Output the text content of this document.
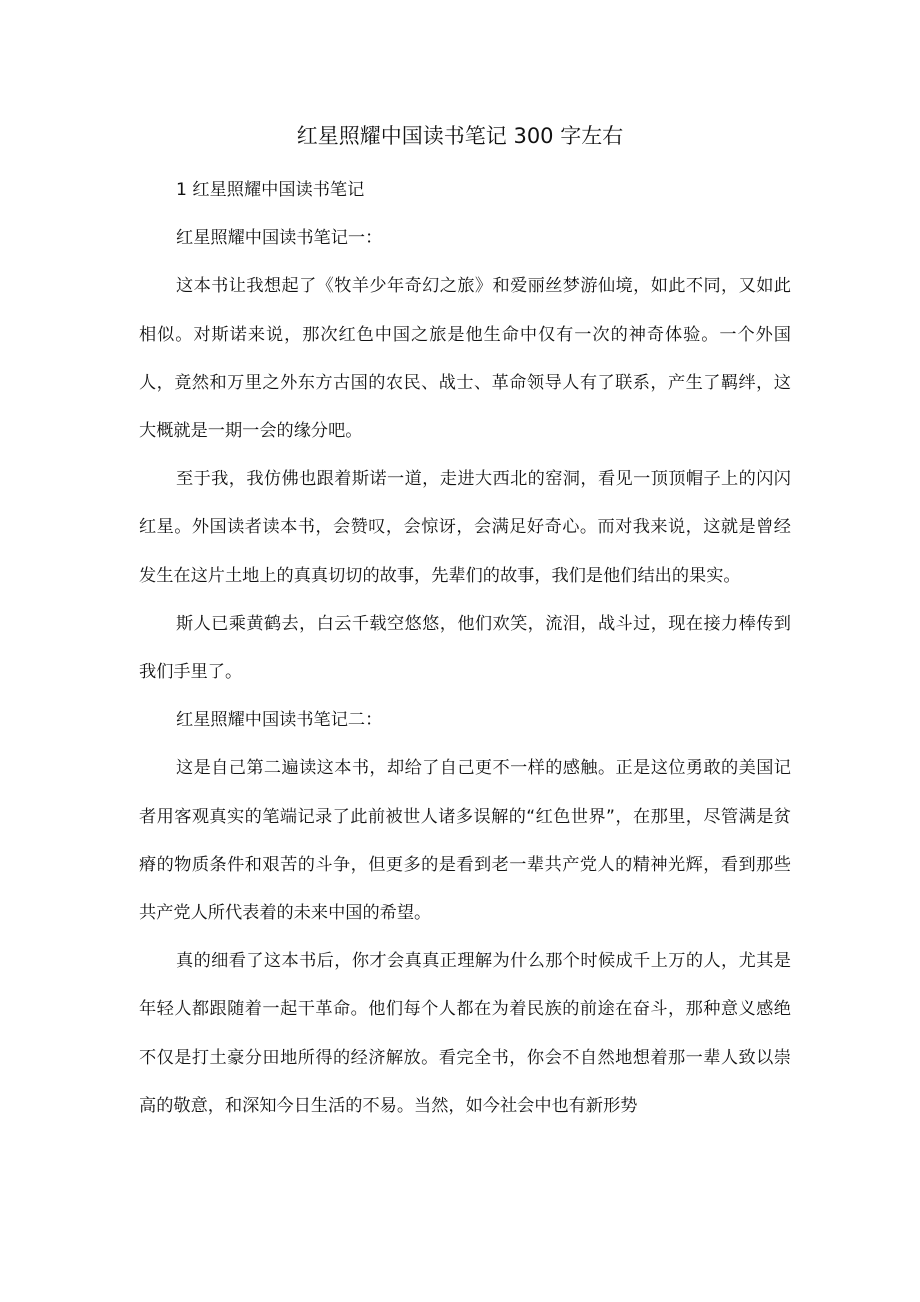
红星照耀中国读书笔记 300 字左右

1 红星照耀中国读书笔记

红星照耀中国读书笔记一：

这本书让我想起了《牧羊少年奇幻之旅》和爱丽丝梦游仙境，如此不同，又如此相似。对斯诺来说，那次红色中国之旅是他生命中仅有一次的神奇体验。一个外国人，竟然和万里之外东方古国的农民、战士、革命领导人有了联系，产生了羁绊，这大概就是一期一会的缘分吧。

至于我，我仿佛也跟着斯诺一道，走进大西北的窑洞，看见一顶顶帽子上的闪闪红星。外国读者读本书，会赞叹，会惊讶，会满足好奇心。而对我来说，这就是曾经发生在这片土地上的真真切切的故事，先辈们的故事，我们是他们结出的果实。

斯人已乘黄鹤去，白云千载空悠悠，他们欢笑，流泪，战斗过，现在接力棒传到我们手里了。

红星照耀中国读书笔记二：

这是自己第二遍读这本书，却给了自己更不一样的感触。正是这位勇敢的美国记者用客观真实的笔端记录了此前被世人诸多误解的“红色世界”，在那里，尽管满是贫瘠的物质条件和艰苦的斗争，但更多的是看到老一辈共产党人的精神光辉，看到那些共产党人所代表着的未来中国的希望。

真的细看了这本书后，你才会真真正理解为什么那个时候成千上万的人，尤其是年轻人都跟随着一起干革命。他们每个人都在为着民族的前途在奋斗，那种意义感绝不仅是打土豪分田地所得的经济解放。看完全书，你会不自然地想着那一辈人致以崇高的敬意，和深知今日生活的不易。当然，如今社会中也有新形势
